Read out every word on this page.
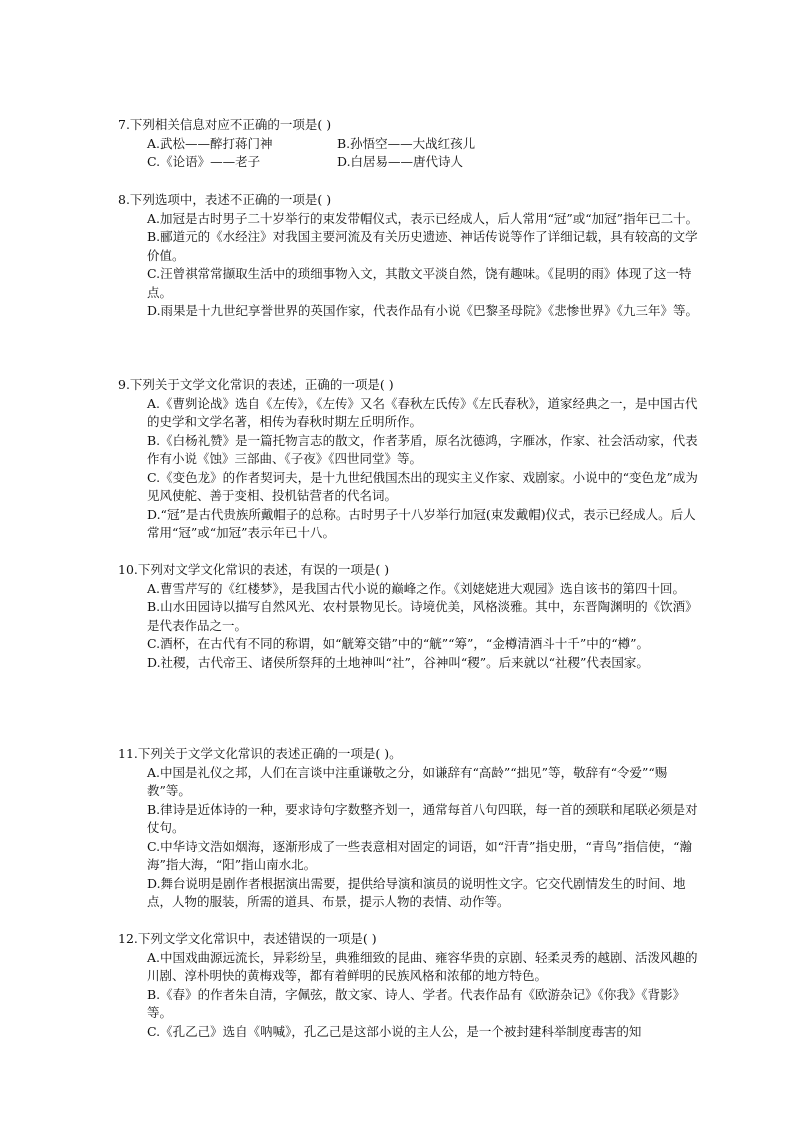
7.下列相关信息对应不正确的一项是( )
A.武松——醉打蒋门神	B.孙悟空——大战红孩儿
C.《论语》——老子	D.白居易——唐代诗人
8.下列选项中，表述不正确的一项是( )
A.加冠是古时男子二十岁举行的束发带帽仪式，表示已经成人，后人常用“冠”或“加冠”指年已二十。
B.郦道元的《水经注》对我国主要河流及有关历史遗迹、神话传说等作了详细记载，具有较高的文学价值。
C.汪曾祺常常撷取生活中的琐细事物入文，其散文平淡自然，饶有趣味。《昆明的雨》体现了这一特点。
D.雨果是十九世纪享誉世界的英国作家，代表作品有小说《巴黎圣母院》《悲惨世界》《九三年》等。
9.下列关于文学文化常识的表述，正确的一项是( )
A.《曹刿论战》选自《左传》，《左传》又名《春秋左氏传》《左氏春秋》，道家经典之一，是中国古代的史学和文学名著，相传为春秋时期左丘明所作。
B.《白杨礼赞》是一篇托物言志的散文，作者茅盾，原名沈德鸿，字雁冰，作家、社会活动家，代表作有小说《蚀》三部曲、《子夜》《四世同堂》等。
C.《变色龙》的作者契诃夫，是十九世纪俄国杰出的现实主义作家、戏剧家。小说中的“变色龙”成为见风使舵、善于变相、投机钻营者的代名词。
D.“冠”是古代贵族所戴帽子的总称。古时男子十八岁举行加冠(束发戴帽)仪式，表示已经成人。后人常用“冠”或“加冠”表示年已十八。
10.下列对文学文化常识的表述，有误的一项是( )
A.曹雪芹写的《红楼梦》，是我国古代小说的巅峰之作。《刘姥姥进大观园》选自该书的第四十回。
B.山水田园诗以描写自然风光、农村景物见长。诗境优美，风格淡雅。其中，东晋陶渊明的《饮酒》是代表作品之一。
C.酒杯，在古代有不同的称谓，如“觥筹交错”中的“觥”“筹”，“金樽清酒斗十千”中的“樽”。
D.社稷，古代帝王、诸侯所祭拜的土地神叫“社”，谷神叫“稷”。后来就以“社稷”代表国家。
11.下列关于文学文化常识的表述正确的一项是( )。
A.中国是礼仪之邦，人们在言谈中注重谦敬之分，如谦辞有“高龄”“拙见”等，敬辞有“令爱”“赐教”等。
B.律诗是近体诗的一种，要求诗句字数整齐划一，通常每首八句四联，每一首的颈联和尾联必须是对仗句。
C.中华诗文浩如烟海，逐渐形成了一些表意相对固定的词语，如“汗青”指史册，“青鸟”指信使，“瀚海”指大海，“阳”指山南水北。
D.舞台说明是剧作者根据演出需要，提供给导演和演员的说明性文字。它交代剧情发生的时间、地点，人物的服装，所需的道具、布景，提示人物的表情、动作等。
12.下列文学文化常识中，表述错误的一项是( )
A.中国戏曲源远流长，异彩纷呈，典雅细致的昆曲、雍容华贵的京剧、轻柔灵秀的越剧、活泼风趣的川剧、淳朴明快的黄梅戏等，都有着鲜明的民族风格和浓郁的地方特色。
B.《春》的作者朱自清，字佩弦，散文家、诗人、学者。代表作品有《欧游杂记》《你我》《背影》等。
C.《孔乙己》选自《呐喊》，孔乙己是这部小说的主人公，是一个被封建科举制度毒害的知
